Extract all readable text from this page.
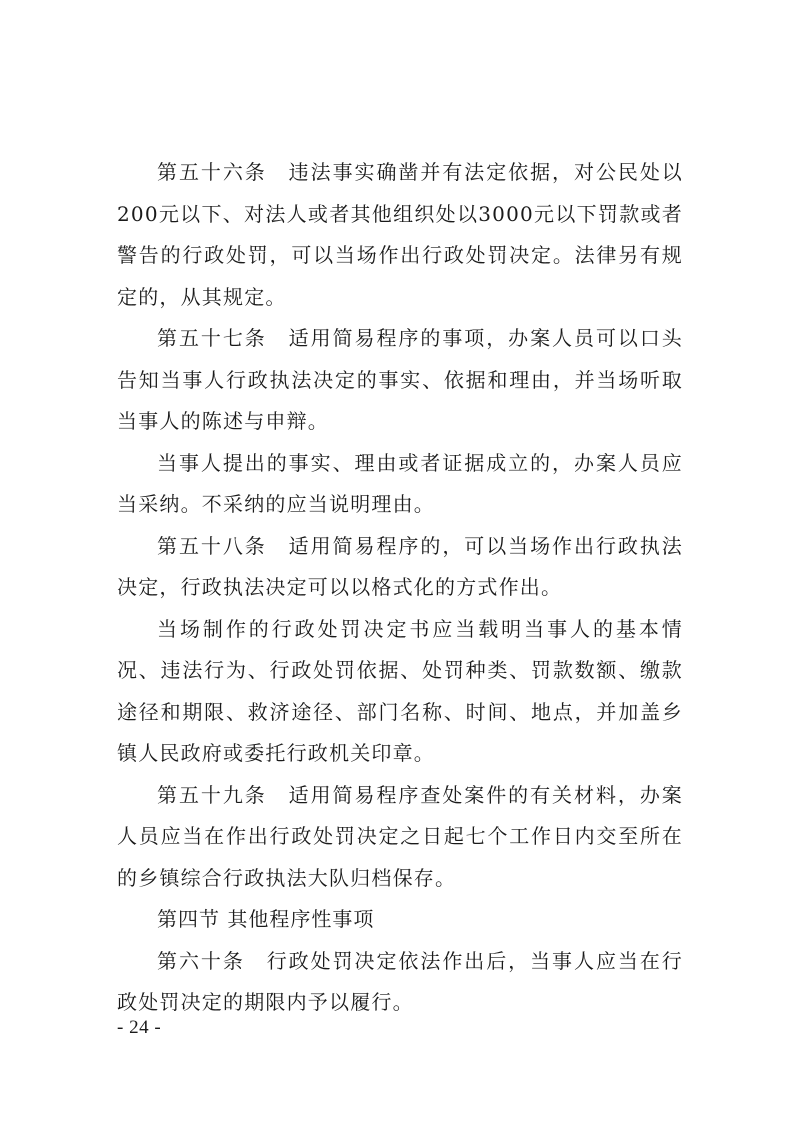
第五十六条　违法事实确凿并有法定依据，对公民处以200元以下、对法人或者其他组织处以3000元以下罚款或者警告的行政处罚，可以当场作出行政处罚决定。法律另有规定的，从其规定。

第五十七条　适用简易程序的事项，办案人员可以口头告知当事人行政执法决定的事实、依据和理由，并当场听取当事人的陈述与申辩。

当事人提出的事实、理由或者证据成立的，办案人员应当采纳。不采纳的应当说明理由。

第五十八条　适用简易程序的，可以当场作出行政执法决定，行政执法决定可以以格式化的方式作出。

当场制作的行政处罚决定书应当载明当事人的基本情况、违法行为、行政处罚依据、处罚种类、罚款数额、缴款途径和期限、救济途径、部门名称、时间、地点，并加盖乡镇人民政府或委托行政机关印章。

第五十九条　适用简易程序查处案件的有关材料，办案人员应当在作出行政处罚决定之日起七个工作日内交至所在的乡镇综合行政执法大队归档保存。

第四节 其他程序性事项

第六十条　行政处罚决定依法作出后，当事人应当在行政处罚决定的期限内予以履行。

- 24 -
